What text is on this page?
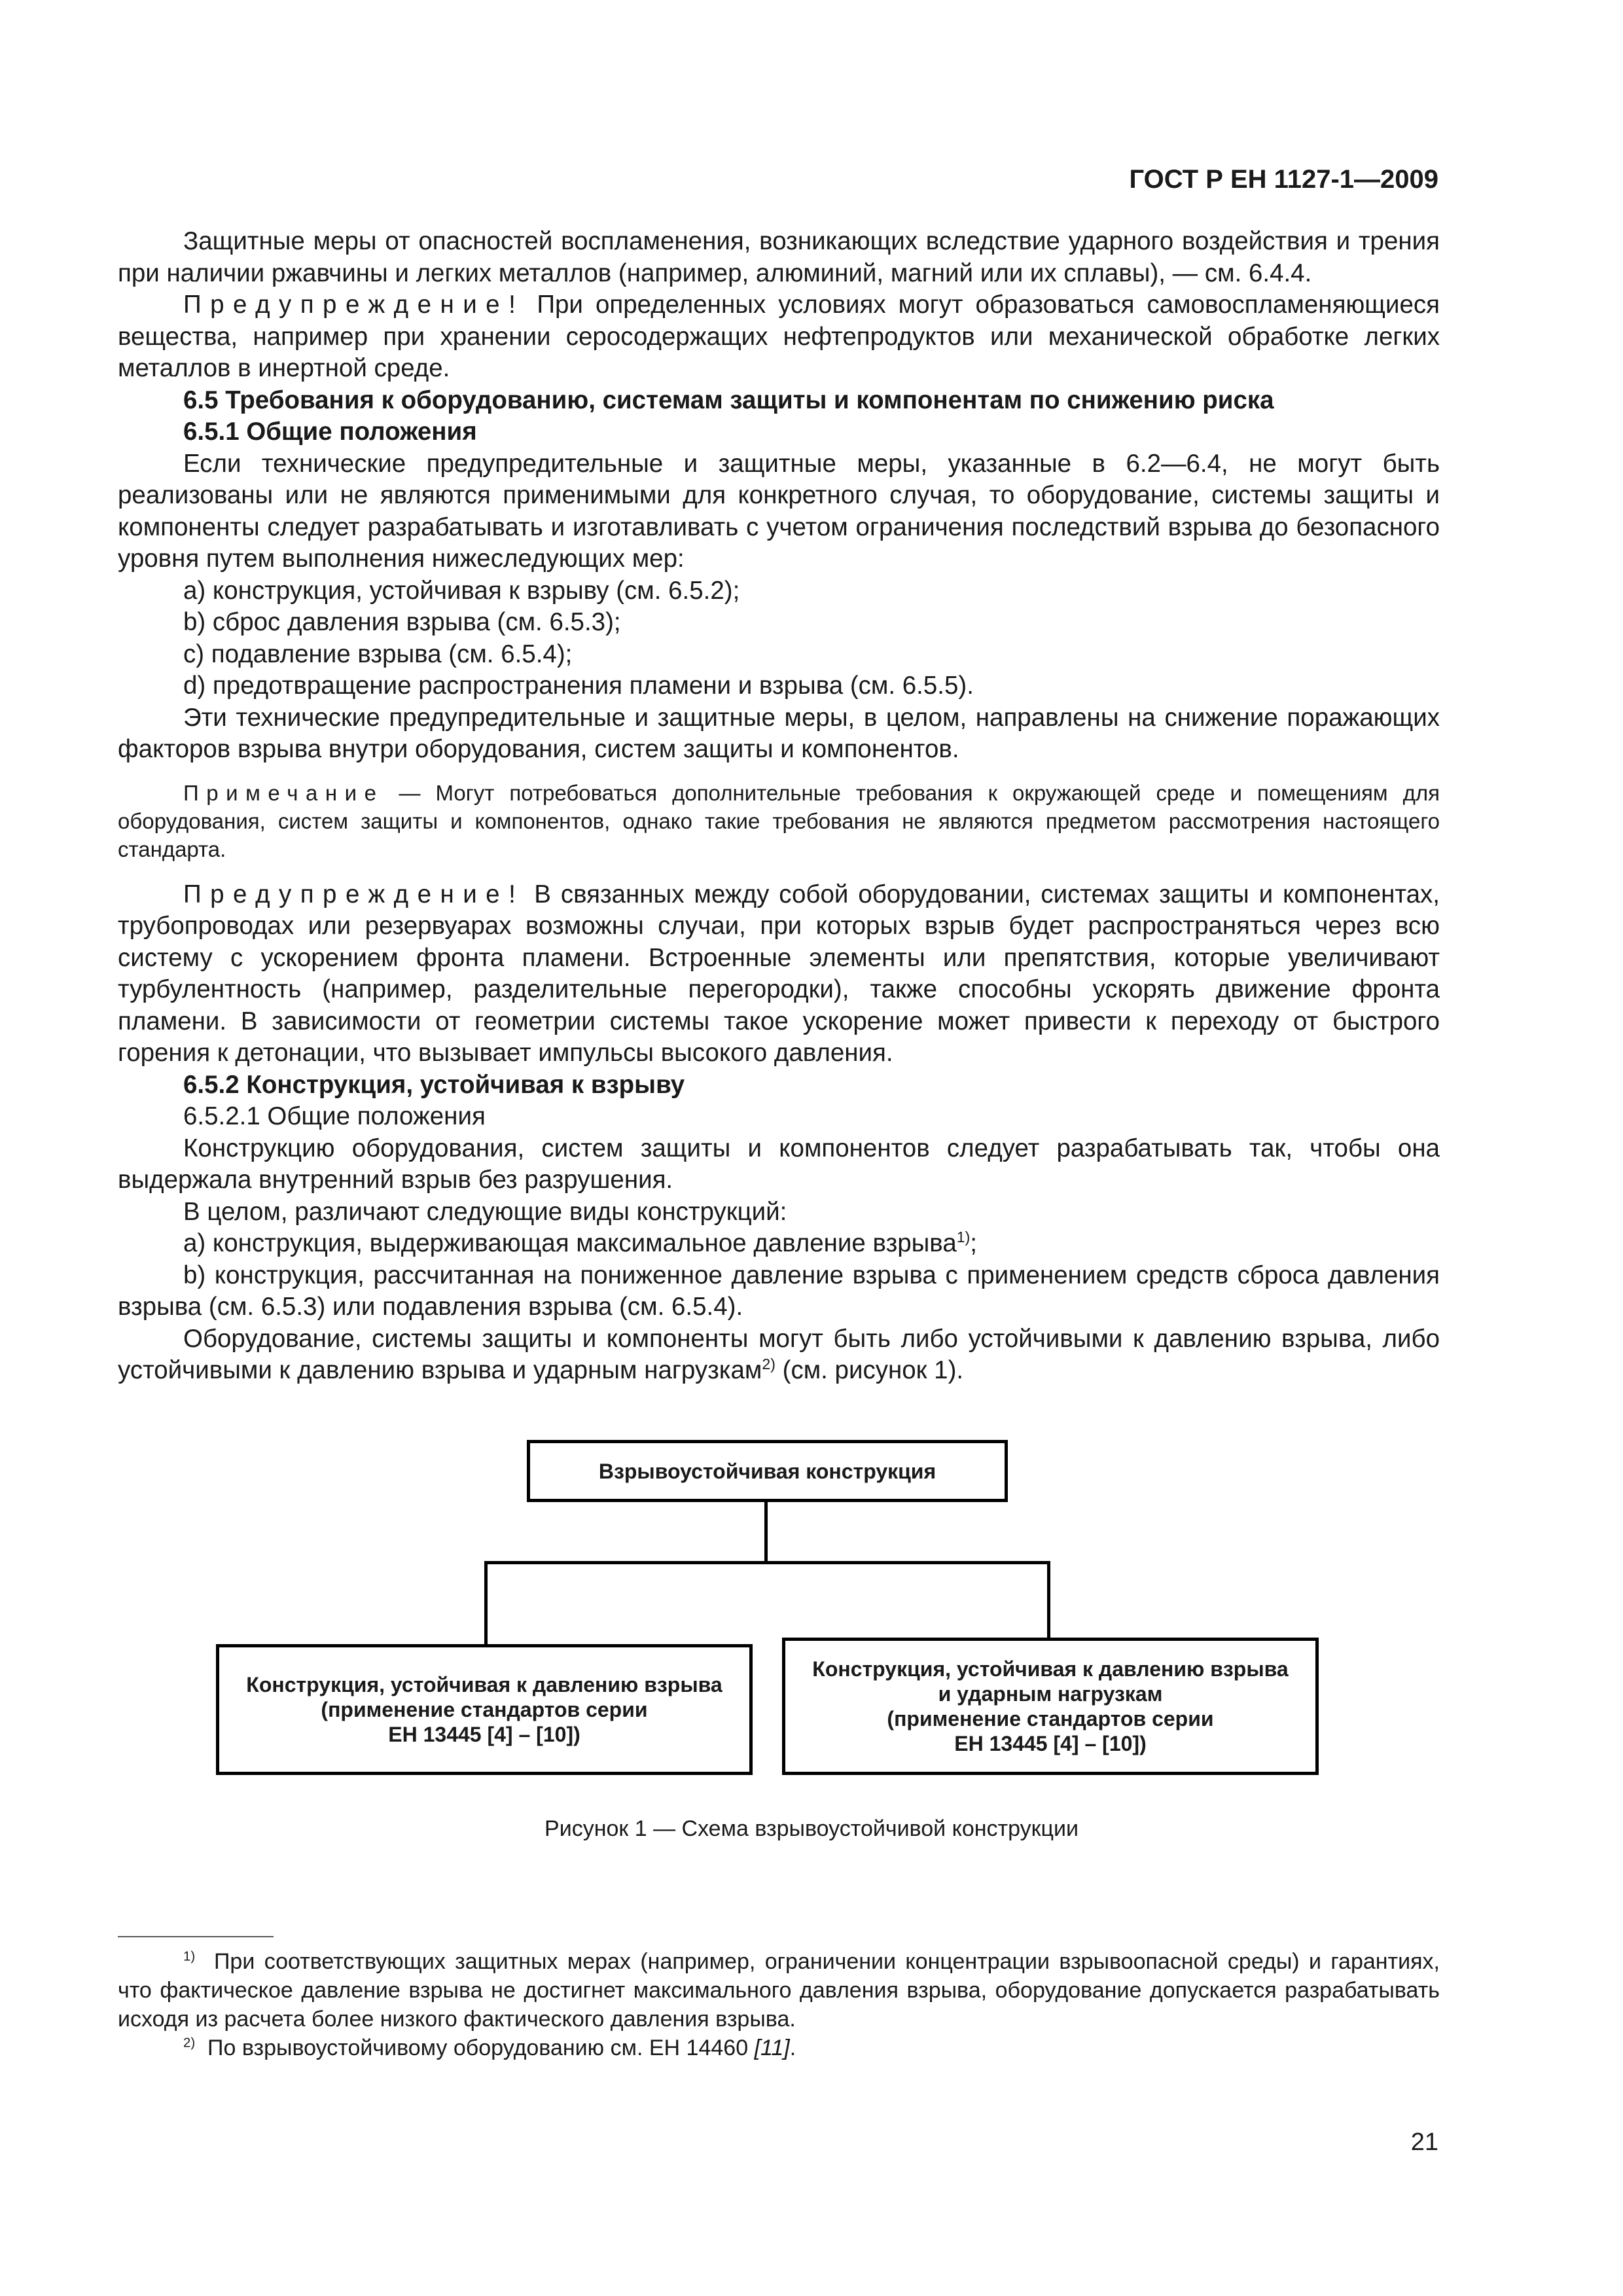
ГОСТ Р ЕН 1127-1—2009

Защитные меры от опасностей воспламенения, возникающих вследствие ударного воздействия и трения при наличии ржавчины и легких металлов (например, алюминий, магний или их сплавы), — см. 6.4.4.

Предупреждение! При определенных условиях могут образоваться самовоспламеняющиеся вещества, например при хранении серосодержащих нефтепродуктов или механической обработке легких металлов в инертной среде.

6.5 Требования к оборудованию, системам защиты и компонентам по снижению риска

6.5.1 Общие положения

Если технические предупредительные и защитные меры, указанные в 6.2—6.4, не могут быть реализованы или не являются применимыми для конкретного случая, то оборудование, системы защиты и компоненты следует разрабатывать и изготавливать с учетом ограничения последствий взрыва до безопасного уровня путем выполнения нижеследующих мер:

a) конструкция, устойчивая к взрыву (см. 6.5.2);

b) сброс давления взрыва (см. 6.5.3);

c) подавление взрыва (см. 6.5.4);

d) предотвращение распространения пламени и взрыва (см. 6.5.5).

Эти технические предупредительные и защитные меры, в целом, направлены на снижение поражающих факторов взрыва внутри оборудования, систем защиты и компонентов.

Примечание — Могут потребоваться дополнительные требования к окружающей среде и помещениям для оборудования, систем защиты и компонентов, однако такие требования не являются предметом рассмотрения настоящего стандарта.

Предупреждение! В связанных между собой оборудовании, системах защиты и компонентах, трубопроводах или резервуарах возможны случаи, при которых взрыв будет распространяться через всю систему с ускорением фронта пламени. Встроенные элементы или препятствия, которые увеличивают турбулентность (например, разделительные перегородки), также способны ускорять движение фронта пламени. В зависимости от геометрии системы такое ускорение может привести к переходу от быстрого горения к детонации, что вызывает импульсы высокого давления.

6.5.2 Конструкция, устойчивая к взрыву

6.5.2.1 Общие положения

Конструкцию оборудования, систем защиты и компонентов следует разрабатывать так, чтобы она выдержала внутренний взрыв без разрушения.

В целом, различают следующие виды конструкций:

a) конструкция, выдерживающая максимальное давление взрыва$^{1)}$;

b) конструкция, рассчитанная на пониженное давление взрыва с применением средств сброса давления взрыва (см. 6.5.3) или подавления взрыва (см. 6.5.4).

Оборудование, системы защиты и компоненты могут быть либо устойчивыми к давлению взрыва, либо устойчивыми к давлению взрыва и ударным нагрузкам$^{2)}$ (см. рисунок 1).

Взрывоустойчивая конструкция
Конструкция, устойчивая к давлению взрыва
(применение стандартов серии
ЕН 13445 [4] – [10])
Конструкция, устойчивая к давлению взрыва
и ударным нагрузкам
(применение стандартов серии
ЕН 13445 [4] – [10])
Рисунок 1 — Схема взрывоустойчивой конструкции

$^{1)}$ При соответствующих защитных мерах (например, ограничении концентрации взрывоопасной среды) и гарантиях, что фактическое давление взрыва не достигнет максимального давления взрыва, оборудование допускается разрабатывать исходя из расчета более низкого фактического давления взрыва.

$^{2)}$ По взрывоустойчивому оборудованию см. ЕН 14460 [11].

21
